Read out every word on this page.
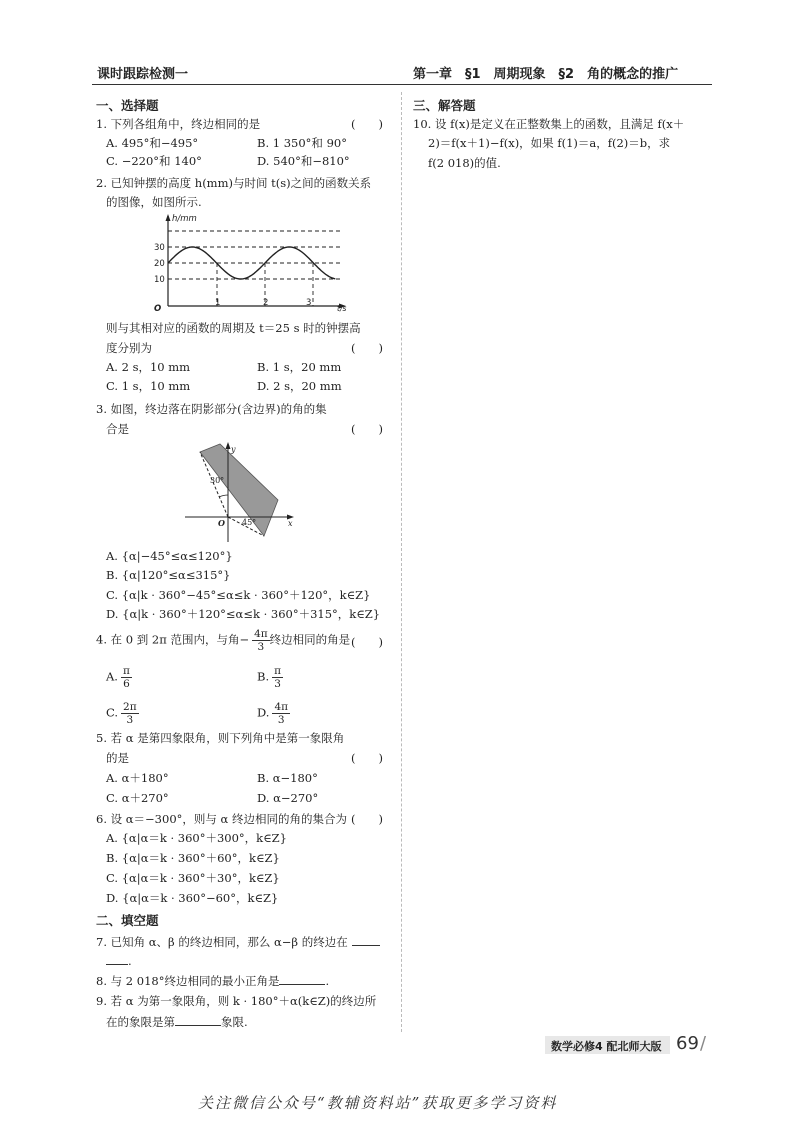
课时跟踪检测一	第一章　§1　周期现象　§2　角的概念的推广
一、选择题
1. 下列各组角中，终边相同的是	(　　)
A. 495°和−495°	B. 1 350°和 90°
C. −220°和 140°	D. 540°和−810°
2. 已知钟摆的高度 h(mm)与时间 t(s)之间的函数关系
的图像，如图所示.
h/mm
t/s
O
30
20
10
1	2	3
则与其相对应的函数的周期及 t＝25 s 时的钟摆高
度分别为	(　　)
A. 2 s，10 mm	B. 1 s，20 mm
C. 1 s，10 mm	D. 2 s，20 mm
3. 如图，终边落在阴影部分(含边界)的角的集
合是	(　　)
y
x
O
30°
45°
A. {α|−45°≤α≤120°}
B. {α|120°≤α≤315°}
C. {α|k · 360°−45°≤α≤k · 360°＋120°，k∈Z}
D. {α|k · 360°＋120°≤α≤k · 360°＋315°，k∈Z}
4. 在 0 到 2π 范围内，与角− $\frac{4\pi}{3}$ 终边相同的角是 (　　)
A. $\frac{\pi}{6}$	B. $\frac{\pi}{3}$
C. $\frac{2\pi}{3}$	D. $\frac{4\pi}{3}$
5. 若 α 是第四象限角，则下列角中是第一象限角
的是	(　　)
A. α＋180°	B. α−180°
C. α＋270°	D. α−270°
6. 设 α＝−300°，则与 α 终边相同的角的集合为 (　　)
A. {α|α＝k · 360°＋300°，k∈Z}
B. {α|α＝k · 360°＋60°，k∈Z}
C. {α|α＝k · 360°＋30°，k∈Z}
D. {α|α＝k · 360°−60°，k∈Z}
二、填空题
7. 已知角 α、β 的终边相同，那么 α−β 的终边在
.
8. 与 2 018°终边相同的最小正角是	.
9. 若 α 为第一象限角，则 k · 180°＋α(k∈Z)的终边所
在的象限是第	象限.
三、解答题
10. 设 f(x)是定义在正整数集上的函数，且满足 f(x＋
2)＝f(x＋1)−f(x)，如果 f(1)＝a，f(2)＝b，求
f(2 018)的值.
数学必修4 配北师大版 69 /
关注微信公众号“教辅资料站”获取更多学习资料
